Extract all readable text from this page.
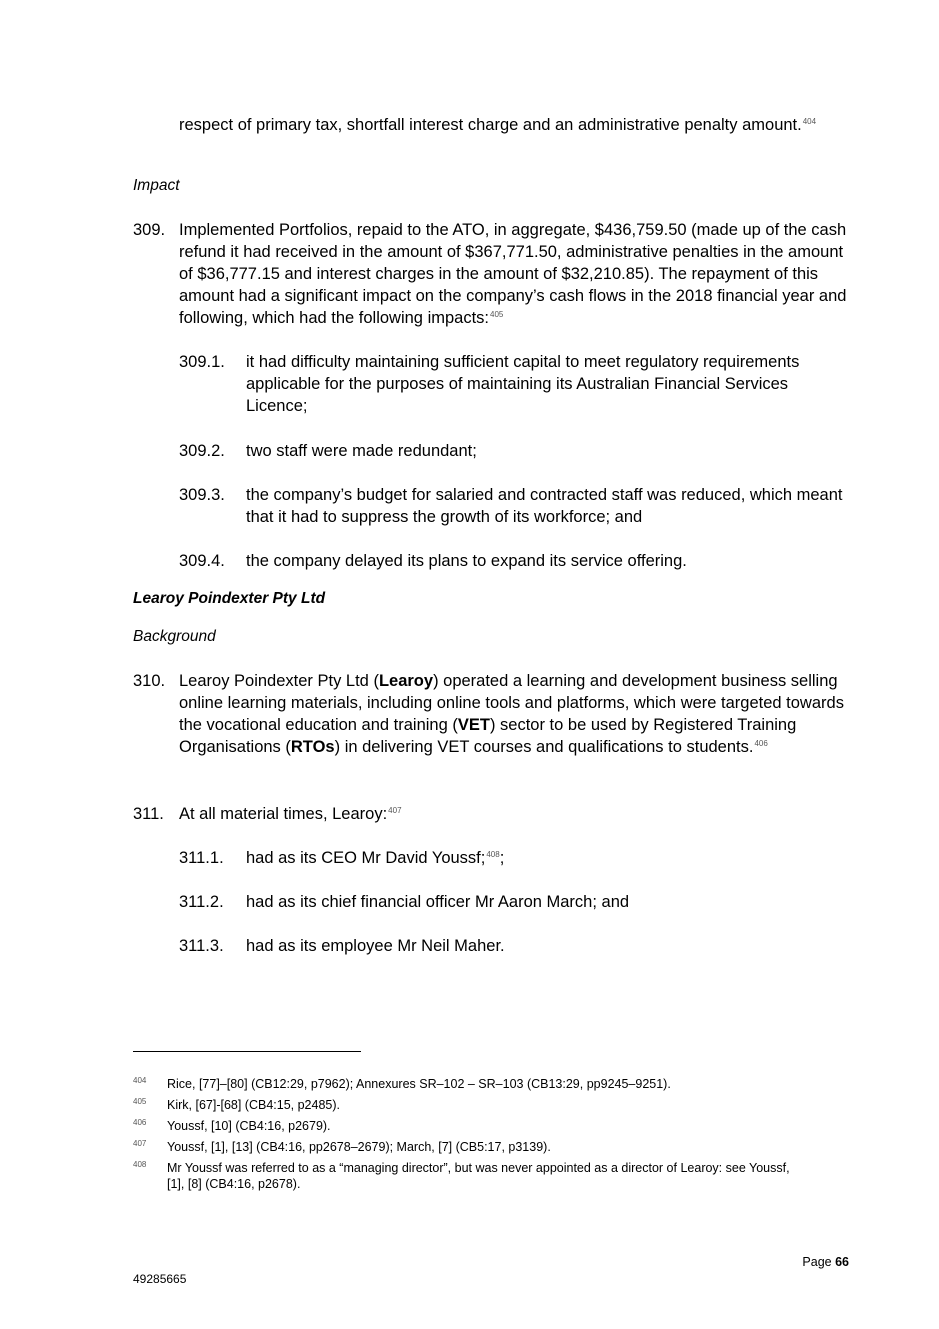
respect of primary tax, shortfall interest charge and an administrative penalty amount.$^{404}$
Impact
309. Implemented Portfolios, repaid to the ATO, in aggregate, $436,759.50 (made up of the cash refund it had received in the amount of $367,771.50, administrative penalties in the amount of $36,777.15 and interest charges in the amount of $32,210.85). The repayment of this amount had a significant impact on the company’s cash flows in the 2018 financial year and following, which had the following impacts:$^{405}$
309.1.	it had difficulty maintaining sufficient capital to meet regulatory requirements applicable for the purposes of maintaining its Australian Financial Services Licence;
309.2.	two staff were made redundant;
309.3.	the company’s budget for salaried and contracted staff was reduced, which meant that it had to suppress the growth of its workforce; and
309.4.	the company delayed its plans to expand its service offering.
Learoy Poindexter Pty Ltd
Background
310. Learoy Poindexter Pty Ltd (Learoy) operated a learning and development business selling online learning materials, including online tools and platforms, which were targeted towards the vocational education and training (VET) sector to be used by Registered Training Organisations (RTOs) in delivering VET courses and qualifications to students.$^{406}$
311. At all material times, Learoy:$^{407}$
311.1.	had as its CEO Mr David Youssf;$^{408}$;
311.2.	had as its chief financial officer Mr Aaron March; and
311.3.	had as its employee Mr Neil Maher.
404 Rice, [77]–[80] (CB12:29, p7962); Annexures SR–102 – SR–103 (CB13:29, pp9245–9251).
405 Kirk, [67]-[68] (CB4:15, p2485).
406 Youssf, [10] (CB4:16, p2679).
407 Youssf, [1], [13] (CB4:16, pp2678–2679); March, [7] (CB5:17, p3139).
408 Mr Youssf was referred to as a “managing director”, but was never appointed as a director of Learoy: see Youssf, [1], [8] (CB4:16, p2678).
Page 66
49285665
